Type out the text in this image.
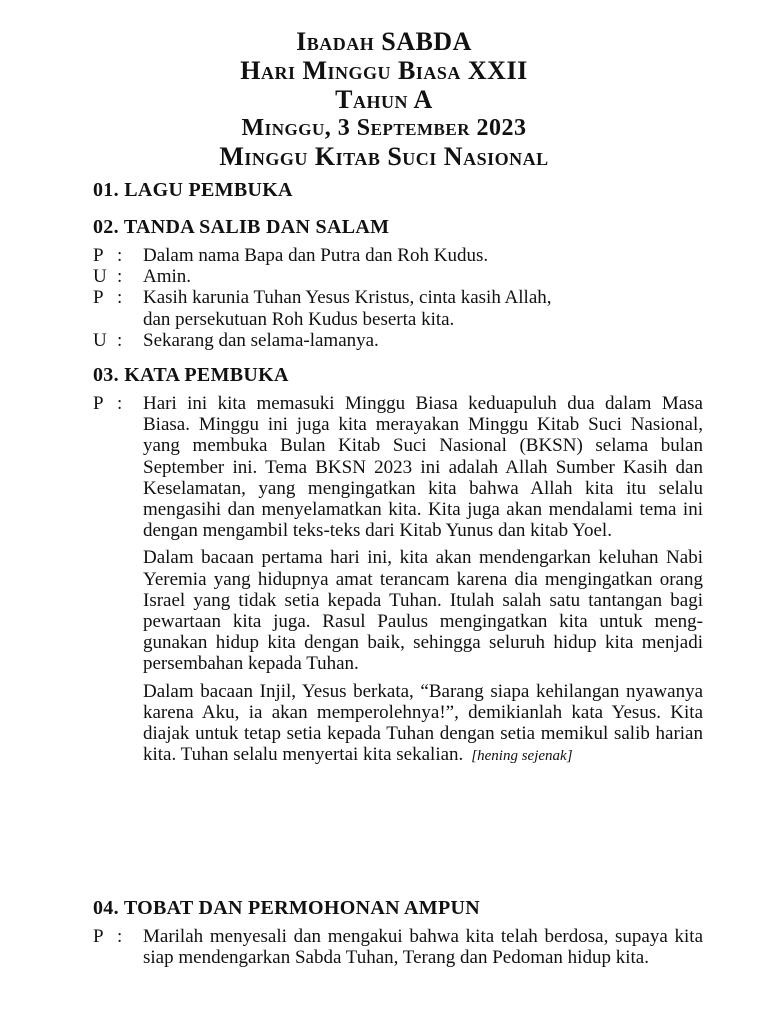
Ibadah SABDA
Hari Minggu Biasa XXII
Tahun A
Minggu, 3 September 2023
Minggu Kitab Suci Nasional
01. LAGU PEMBUKA
02. TANDA SALIB DAN SALAM
P :	Dalam nama Bapa dan Putra dan Roh Kudus.
U :	Amin.
P :	Kasih karunia Tuhan Yesus Kristus, cinta kasih Allah,
dan persekutuan Roh Kudus beserta kita.
U :	Sekarang dan selama-lamanya.
03. KATA PEMBUKA
P :	Hari ini kita memasuki Minggu Biasa keduapuluh dua dalam Masa Biasa. Minggu ini juga kita merayakan Minggu Kitab Suci Nasional, yang membuka Bulan Kitab Suci Nasional (BKSN) selama bulan September ini. Tema BKSN 2023 ini adalah Allah Sumber Kasih dan Keselamatan, yang mengingatkan kita bahwa Allah kita itu selalu mengasihi dan menyelamatkan kita. Kita juga akan mendalami tema ini dengan mengambil teks-teks dari Kitab Yunus dan kitab Yoel.
Dalam bacaan pertama hari ini, kita akan mendengarkan keluhan Nabi Yeremia yang hidupnya amat terancam karena dia mengingatkan orang Israel yang tidak setia kepada Tuhan. Itulah salah satu tantangan bagi pewartaan kita juga. Rasul Paulus mengingatkan kita untuk meng-gunakan hidup kita dengan baik, sehingga seluruh hidup kita menjadi persembahan kepada Tuhan.
Dalam bacaan Injil, Yesus berkata, “Barang siapa kehilangan nyawanya karena Aku, ia akan memperolehnya!”, demikianlah kata Yesus. Kita diajak untuk tetap setia kepada Tuhan dengan setia memikul salib harian kita. Tuhan selalu menyertai kita sekalian. [hening sejenak]
04. TOBAT DAN PERMOHONAN AMPUN
P :	Marilah menyesali dan mengakui bahwa kita telah berdosa, supaya kita siap mendengarkan Sabda Tuhan, Terang dan Pedoman hidup kita.
